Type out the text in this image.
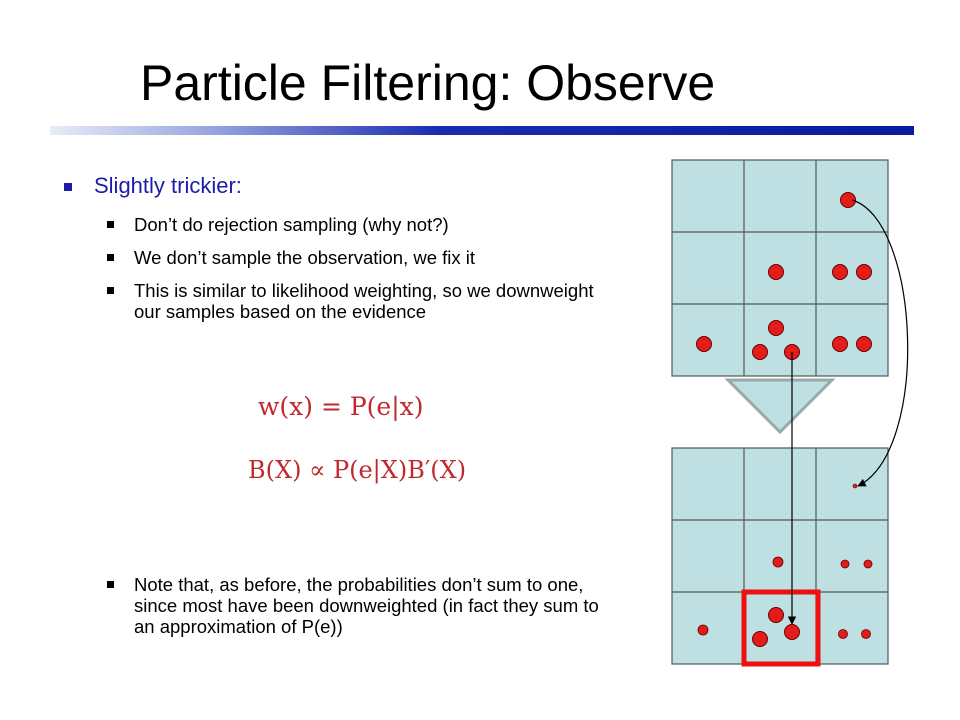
Particle Filtering: Observe
Slightly trickier:
Don’t do rejection sampling (why not?)
We don’t sample the observation, we fix it
This is similar to likelihood weighting, so we downweight our samples based on the evidence
w(x) = P(e|x)
B(X) ∝ P(e|X)B′(X)
Note that, as before, the probabilities don’t sum to one, since most have been downweighted (in fact they sum to an approximation of P(e))
